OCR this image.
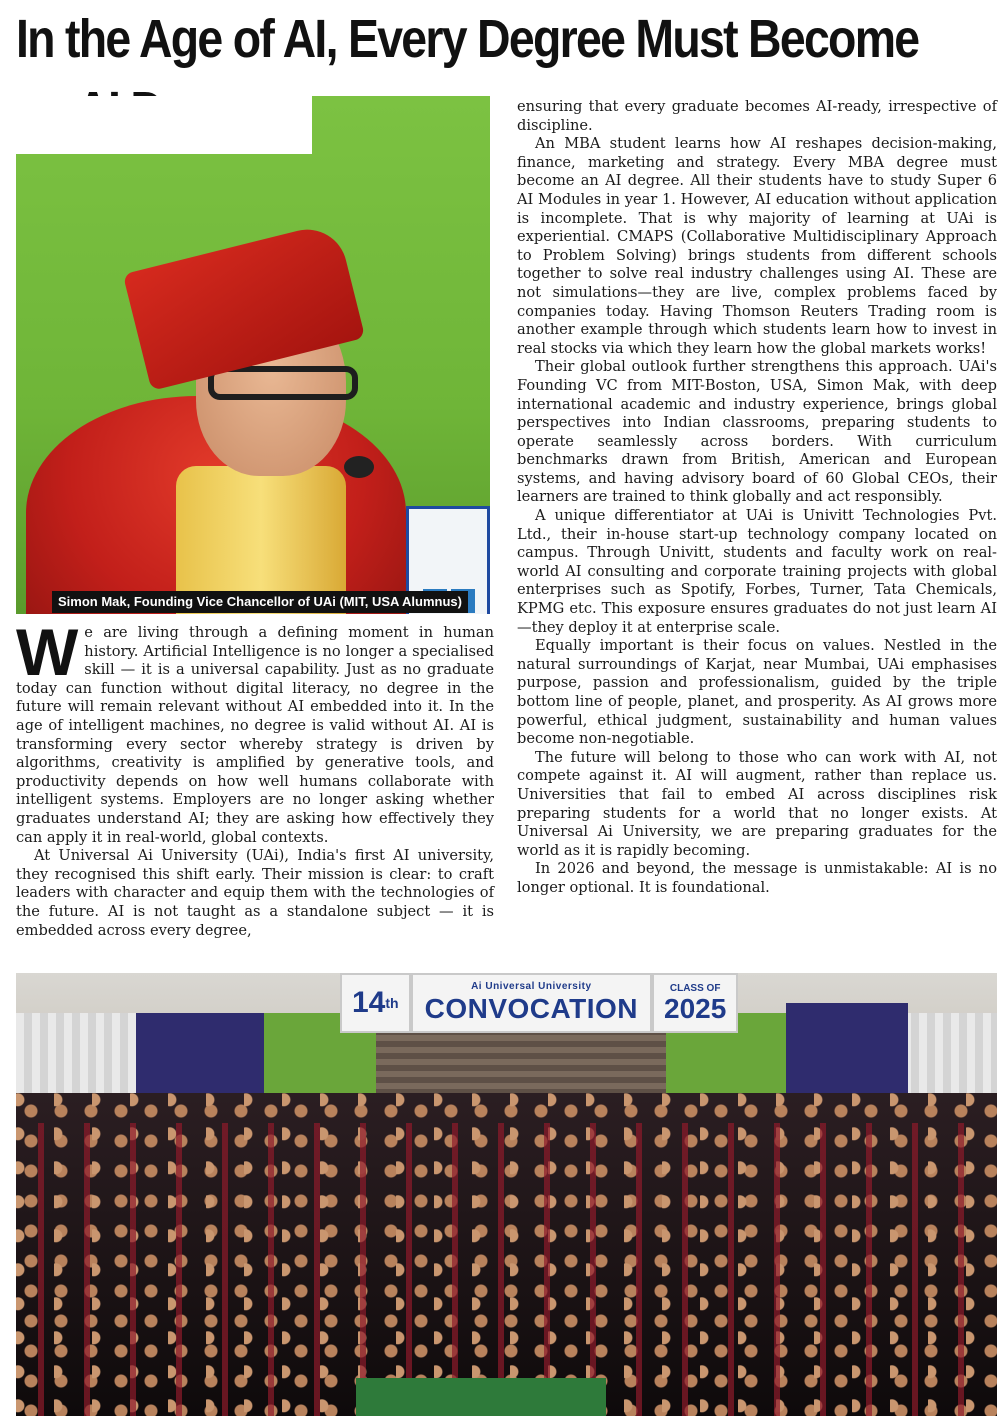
In the Age of AI, Every Degree Must Become
Simon Mak, Founding Vice Chancellor of UAi (MIT, USA Alumnus)

We are living through a defining moment in human history. Artificial Intelligence is no longer a specialised skill — it is a universal capability. Just as no graduate today can function without digital literacy, no degree in the future will remain relevant without AI embedded into it. In the age of intelligent machines, no degree is valid without AI. AI is transforming every sector whereby strategy is driven by algorithms, creativity is amplified by generative tools, and productivity depends on how well humans collaborate with intelligent systems. Employers are no longer asking whether graduates understand AI; they are asking how effectively they can apply it in real-world, global contexts.

At Universal Ai University (UAi), India's first AI university, they recognised this shift early. Their mission is clear: to craft leaders with character and equip them with the technologies of the future. AI is not taught as a standalone subject — it is embedded across every degree,

ensuring that every graduate becomes AI-ready, irrespective of discipline.

An MBA student learns how AI reshapes decision-making, finance, marketing and strategy. Every MBA degree must become an AI degree. All their students have to study Super 6 AI Modules in year 1. However, AI education without application is incomplete. That is why majority of learning at UAi is experiential. CMAPS (Collaborative Multidisciplinary Approach to Problem Solving) brings students from different schools together to solve real industry challenges using AI. These are not simulations—they are live, complex problems faced by companies today. Having Thomson Reuters Trading room is another example through which students learn how to invest in real stocks via which they learn how the global markets works!

Their global outlook further strengthens this approach. UAi's Founding VC from MIT-Boston, USA, Simon Mak, with deep international academic and industry experience, brings global perspectives into Indian classrooms, preparing students to operate seamlessly across borders. With curriculum benchmarks drawn from British, American and European systems, and having advisory board of 60 Global CEOs, their learners are trained to think globally and act responsibly.

A unique differentiator at UAi is Univitt Technologies Pvt. Ltd., their in-house start-up technology company located on campus. Through Univitt, students and faculty work on real-world AI consulting and corporate training projects with global enterprises such as Spotify, Forbes, Turner, Tata Chemicals, KPMG etc. This exposure ensures graduates do not just learn AI—they deploy it at enterprise scale.

Equally important is their focus on values. Nestled in the natural surroundings of Karjat, near Mumbai, UAi emphasises purpose, passion and professionalism, guided by the triple bottom line of people, planet, and prosperity. As AI grows more powerful, ethical judgment, sustainability and human values become non-negotiable.

The future will belong to those who can work with AI, not compete against it. AI will augment, rather than replace us. Universities that fail to embed AI across disciplines risk preparing students for a world that no longer exists. At Universal Ai University, we are preparing graduates for the world as it is rapidly becoming.

In 2026 and beyond, the message is unmistakable: AI is no longer optional. It is foundational.

14 th
Ai Universal University
CONVOCATION
CLASS OF
2025
